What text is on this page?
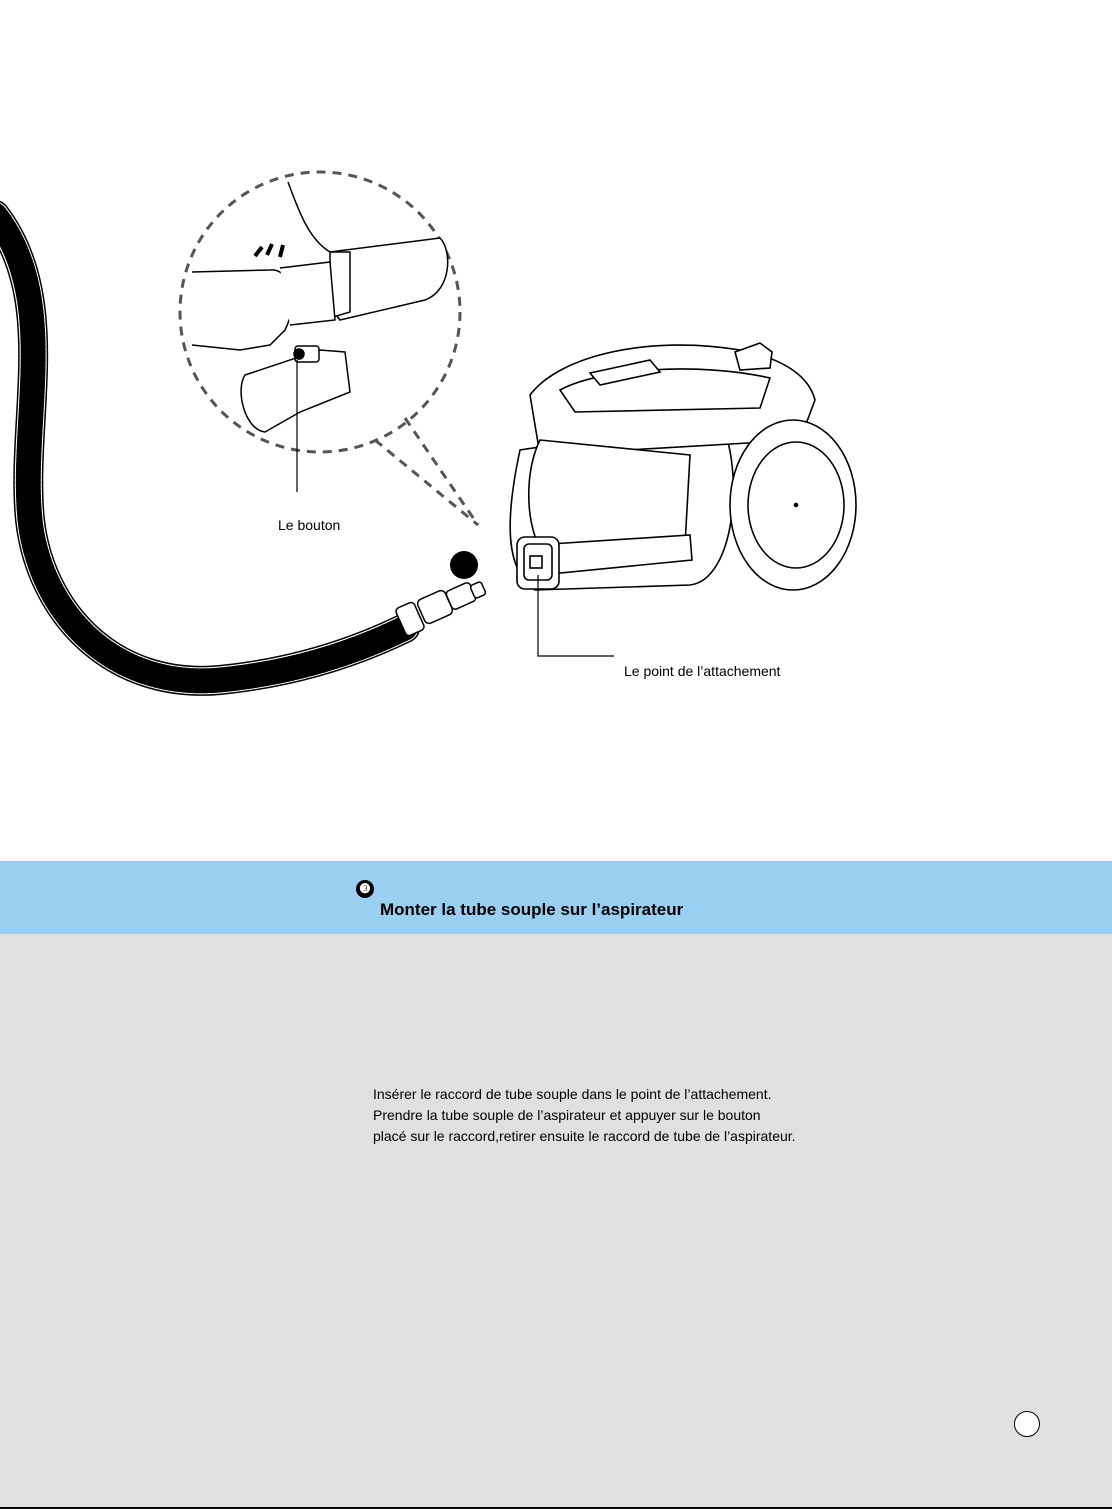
Le bouton
Le point de l’attachement
❸
Monter la tube souple sur l’aspirateur
Insérer le raccord de tube souple dans le point de l’attachement.
Prendre la tube souple de l’aspirateur et appuyer sur le bouton
placé sur le raccord,retirer ensuite le raccord de tube de l’aspirateur.
